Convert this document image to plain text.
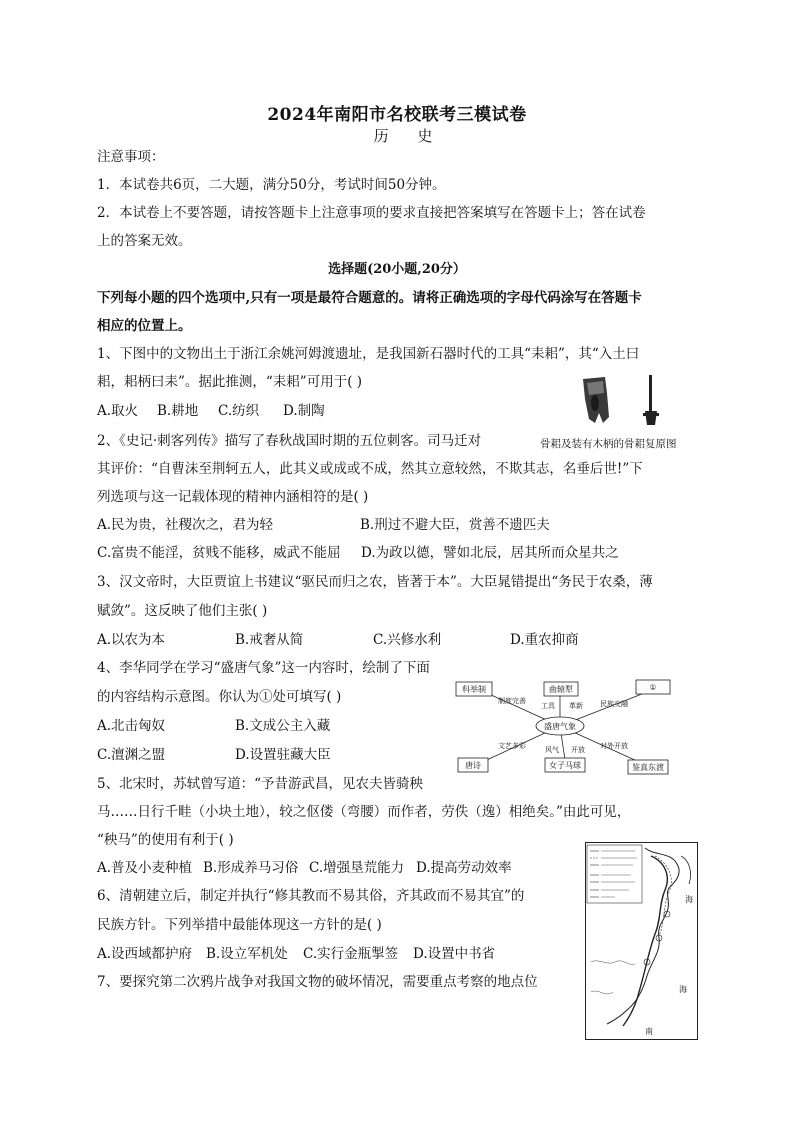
2024年南阳市名校联考三模试卷
历 史
注意事项：
1．本试卷共6页，二大题，满分50分，考试时间50分钟。
2．本试卷上不要答题，请按答题卡上注意事项的要求直接把答案填写在答题卡上；答在试卷
上的答案无效。
选择题(20小题,20分）
下列每小题的四个选项中,只有一项是最符合题意的。请将正确选项的字母代码涂写在答题卡
相应的位置上。
1、下图中的文物出土于浙江余姚河姆渡遗址，是我国新石器时代的工具“耒耜”，其“入土曰
耜，耜柄曰耒”。据此推测，“耒耜”可用于( )
A.取火 B.耕地 C.纺织 D.制陶
骨耜及装有木柄的骨耜复原图
2、《史记·刺客列传》描写了春秋战国时期的五位刺客。司马迁对
其评价：“自曹沫至荆轲五人，此其义或成或不成，然其立意较然，不欺其志，名垂后世!”下
列选项与这一记载体现的精神内涵相符的是( )
A.民为贵，社稷次之，君为轻	B.刑过不避大臣，赏善不遗匹夫
C.富贵不能淫，贫贱不能移，威武不能屈 D.为政以德，譬如北辰，居其所而众星共之
3、汉文帝时，大臣贾谊上书建议“驱民而归之农，皆著于本”。大臣晁错提出“务民于农桑，薄
赋敛”。这反映了他们主张( )
A.以农为本	B.戒奢从简	C.兴修水利	D.重农抑商
4、李华同学在学习“盛唐气象”这一内容时，绘制了下面
的内容结构示意图。你认为①处可填写( )
A.北击匈奴	B.文成公主入藏
C.澶渊之盟	D.设置驻藏大臣
科举制	曲辕犁	①
盛唐气象
唐诗	女子马球	鉴真东渡
制度完善
工具 革新 民族交融
文艺多彩	风气 开放 对外开放
5、北宋时，苏轼曾写道：“予昔游武昌，见农夫皆骑秧
马……日行千畦（小块土地），较之伛偻（弯腰）而作者，劳佚（逸）相绝矣。”由此可见，
“秧马”的使用有利于( )
A.普及小麦种植 B.形成养马习俗 C.增强垦荒能力 D.提高劳动效率
6、清朝建立后，制定并执行“修其教而不易其俗，齐其政而不易其宜”的
民族方针。下列举措中最能体现这一方针的是( )
A.设西域都护府 B.设立军机处 C.实行金瓶掣签 D.设置中书省
7、要探究第二次鸦片战争对我国文物的破坏情况，需要重点考察的地点位
海
南
海
